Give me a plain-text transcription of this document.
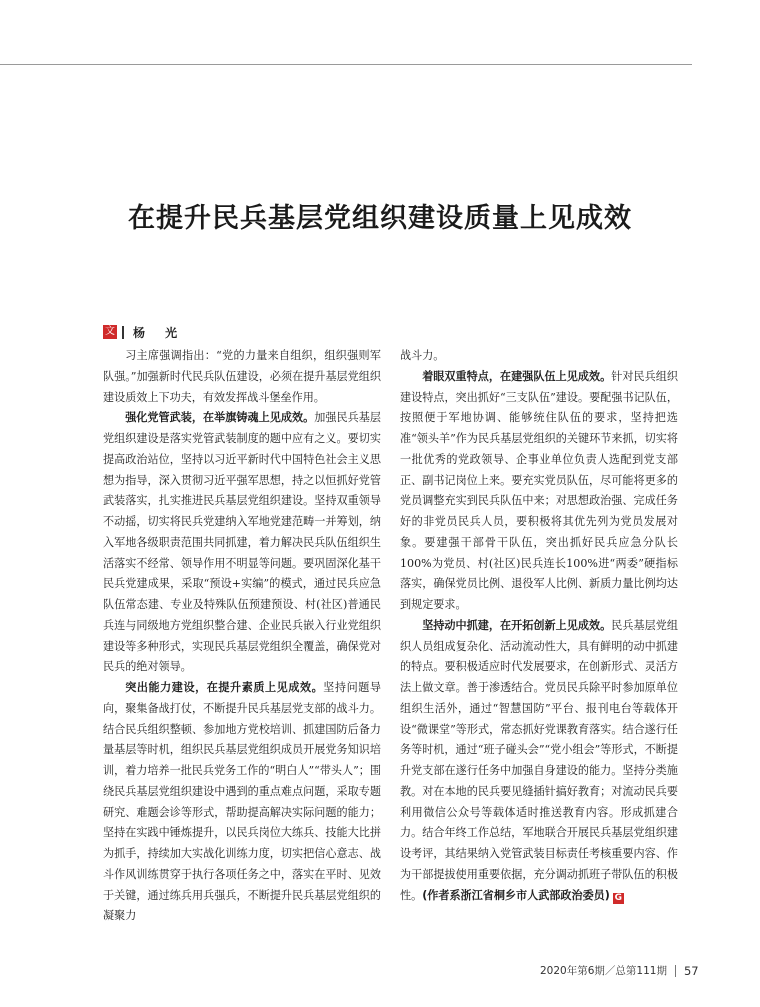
在提升民兵基层党组织建设质量上见成效
文 杨 光

习主席强调指出：“党的力量来自组织，组织强则军队强。”加强新时代民兵队伍建设，必须在提升基层党组织建设质效上下功夫，有效发挥战斗堡垒作用。

强化党管武装，在举旗铸魂上见成效。加强民兵基层党组织建设是落实党管武装制度的题中应有之义。要切实提高政治站位，坚持以习近平新时代中国特色社会主义思想为指导，深入贯彻习近平强军思想，持之以恒抓好党管武装落实，扎实推进民兵基层党组织建设。坚持双重领导不动摇，切实将民兵党建纳入军地党建范畴一并筹划，纳入军地各级职责范围共同抓建，着力解决民兵队伍组织生活落实不经常、领导作用不明显等问题。要巩固深化基干民兵党建成果，采取“预设+实编”的模式，通过民兵应急队伍常态建、专业及特殊队伍预建预设、村(社区)普通民兵连与同级地方党组织整合建、企业民兵嵌入行业党组织建设等多种形式，实现民兵基层党组织全覆盖，确保党对民兵的绝对领导。

突出能力建设，在提升素质上见成效。坚持问题导向，聚集备战打仗，不断提升民兵基层党支部的战斗力。结合民兵组织整顿、参加地方党校培训、抓建国防后备力量基层等时机，组织民兵基层党组织成员开展党务知识培训，着力培养一批民兵党务工作的“明白人”“带头人”；围绕民兵基层党组织建设中遇到的重点难点问题，采取专题研究、难题会诊等形式，帮助提高解决实际问题的能力；坚持在实践中锤炼提升，以民兵岗位大练兵、技能大比拼为抓手，持续加大实战化训练力度，切实把信心意志、战斗作风训练贯穿于执行各项任务之中，落实在平时、见效于关键，通过练兵用兵强兵，不断提升民兵基层党组织的凝聚力

战斗力。

着眼双重特点，在建强队伍上见成效。针对民兵组织建设特点，突出抓好“三支队伍”建设。要配强书记队伍，按照便于军地协调、能够统住队伍的要求，坚持把选准“领头羊”作为民兵基层党组织的关键环节来抓，切实将一批优秀的党政领导、企事业单位负责人选配到党支部正、副书记岗位上来。要充实党员队伍，尽可能将更多的党员调整充实到民兵队伍中来；对思想政治强、完成任务好的非党员民兵人员，要积极将其优先列为党员发展对象。要建强干部骨干队伍，突出抓好民兵应急分队长100%为党员、村(社区)民兵连长100%进“两委”硬指标落实，确保党员比例、退役军人比例、新质力量比例均达到规定要求。

坚持动中抓建，在开拓创新上见成效。民兵基层党组织人员组成复杂化、活动流动性大，具有鲜明的动中抓建的特点。要积极适应时代发展要求，在创新形式、灵活方法上做文章。善于渗透结合。党员民兵除平时参加原单位组织生活外，通过“智慧国防”平台、报刊电台等载体开设“微课堂”等形式，常态抓好党课教育落实。结合遂行任务等时机，通过“班子碰头会”“党小组会”等形式，不断提升党支部在遂行任务中加强自身建设的能力。坚持分类施教。对在本地的民兵要见缝插针搞好教育；对流动民兵要利用微信公众号等载体适时推送教育内容。形成抓建合力。结合年终工作总结，军地联合开展民兵基层党组织建设考评，其结果纳入党管武装目标责任考核重要内容、作为干部提拔使用重要依据，充分调动抓班子带队伍的积极性。(作者系浙江省桐乡市人武部政治委员) G

2020年第6期／总第111期 57
